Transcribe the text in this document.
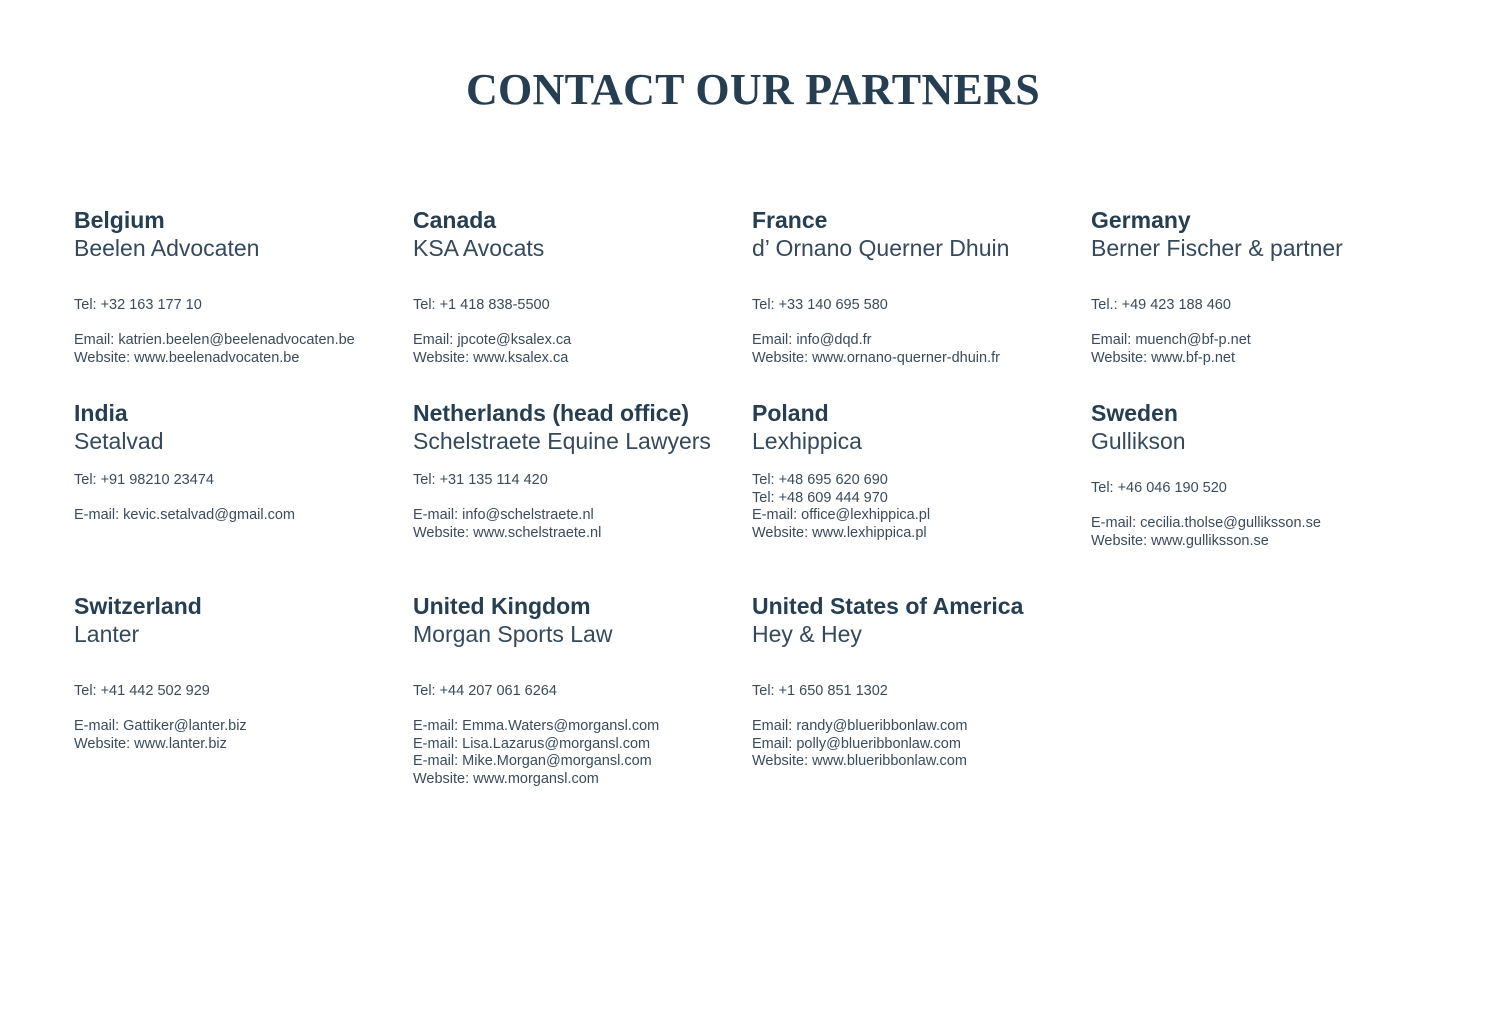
CONTACT OUR PARTNERS
Belgium
Beelen Advocaten
Tel: +32 163 177 10
Email: katrien.beelen@beelenadvocaten.be
Website: www.beelenadvocaten.be
Canada
KSA Avocats
Tel: +1 418 838-5500
Email: jpcote@ksalex.ca
Website: www.ksalex.ca
France
d’ Ornano Querner Dhuin
Tel: +33 140 695 580
Email: info@dqd.fr
Website: www.ornano-querner-dhuin.fr
Germany
Berner Fischer & partner
Tel.: +49 423 188 460
Email: muench@bf-p.net
Website: www.bf-p.net
India
Setalvad
Tel: +91 98210 23474
E-mail: kevic.setalvad@gmail.com
Netherlands (head office)
Schelstraete Equine Lawyers
Tel: +31 135 114 420
E-mail: info@schelstraete.nl
Website: www.schelstraete.nl
Poland
Lexhippica
Tel: +48 695 620 690
Tel: +48 609 444 970
E-mail: office@lexhippica.pl
Website: www.lexhippica.pl
Sweden
Gullikson
Tel: +46 046 190 520
E-mail: cecilia.tholse@gulliksson.se
Website: www.gulliksson.se
Switzerland
Lanter
Tel: +41 442 502 929
E-mail: Gattiker@lanter.biz
Website: www.lanter.biz
United Kingdom
Morgan Sports Law
Tel: +44 207 061 6264
E-mail: Emma.Waters@morgansl.com
E-mail: Lisa.Lazarus@morgansl.com
E-mail: Mike.Morgan@morgansl.com
Website: www.morgansl.com
United States of America
Hey & Hey
Tel: +1 650 851 1302
Email: randy@blueribbonlaw.com
Email: polly@blueribbonlaw.com
Website: www.blueribbonlaw.com
